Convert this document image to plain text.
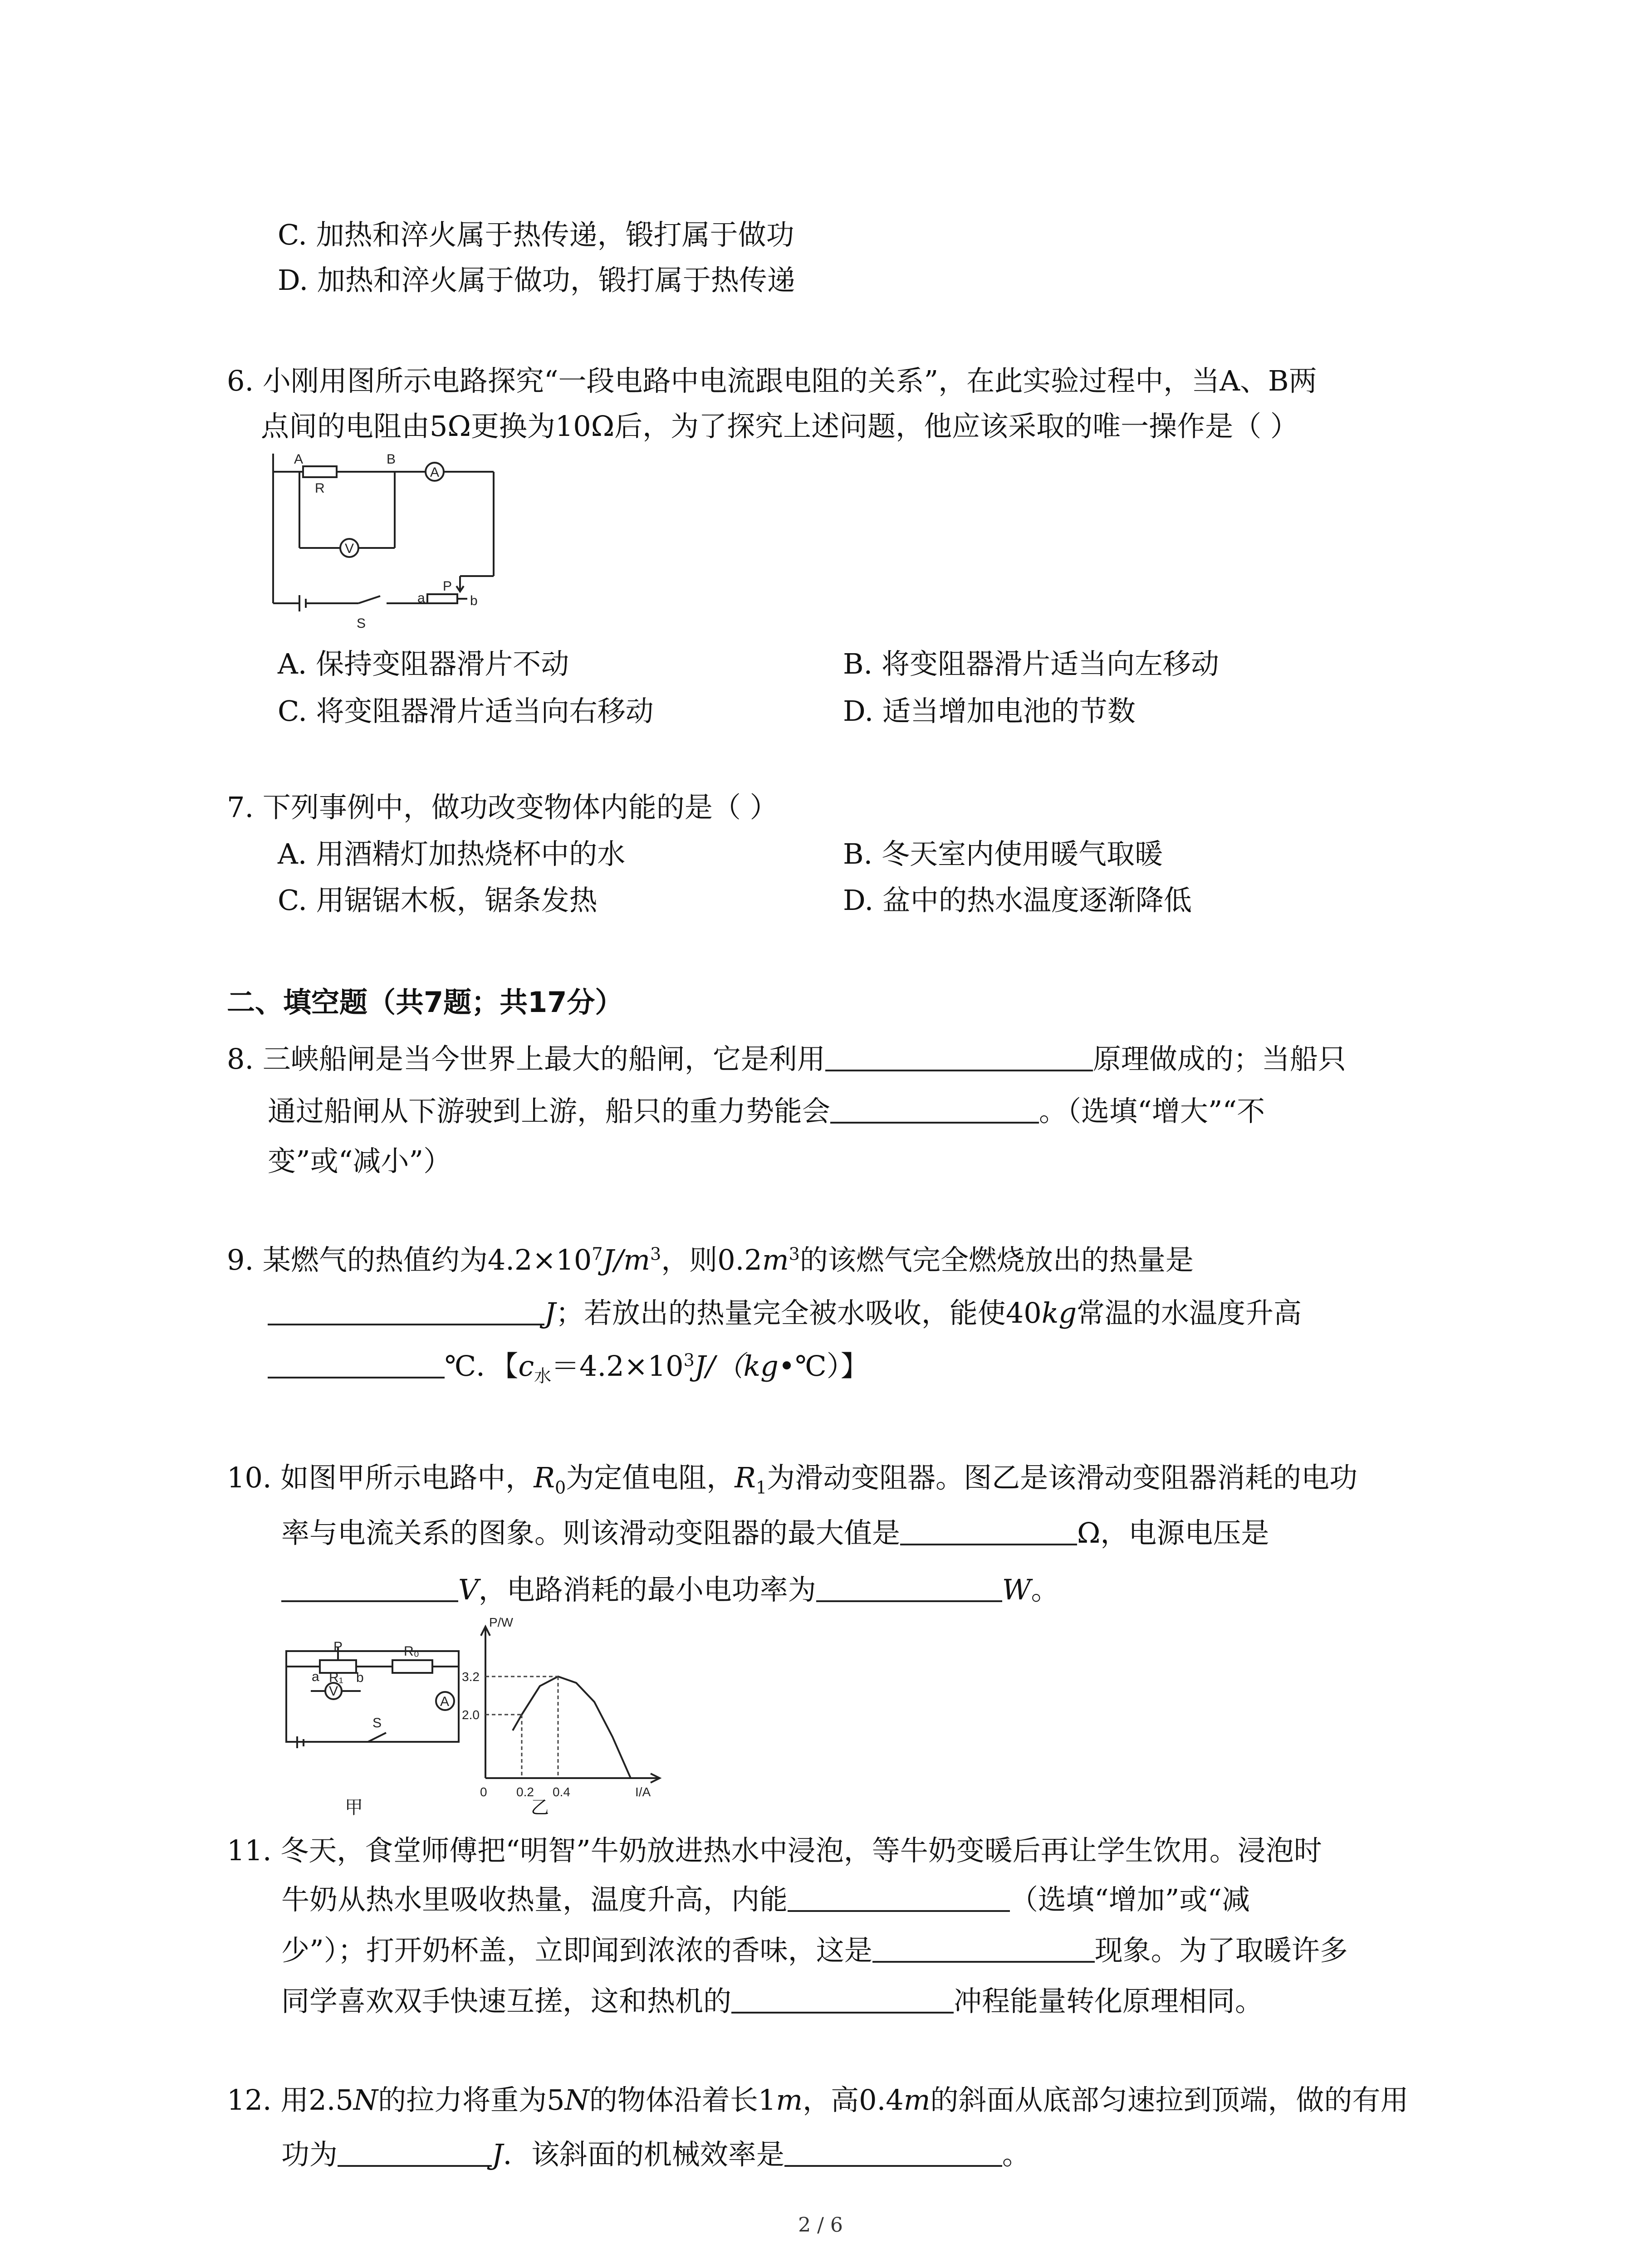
C. 加热和淬火属于热传递，锻打属于做功
D. 加热和淬火属于做功，锻打属于热传递
6. 小刚用图所示电路探究“一段电路中电流跟电阻的关系”，在此实验过程中，当A、B两
点间的电阻由5Ω更换为10Ω后，为了探究上述问题，他应该采取的唯一操作是（ ）
A	B
R
A
V
P
a	b
S
A. 保持变阻器滑片不动	B. 将变阻器滑片适当向左移动
C. 将变阻器滑片适当向右移动	D. 适当增加电池的节数
7. 下列事例中，做功改变物体内能的是（ ）
A. 用酒精灯加热烧杯中的水	B. 冬天室内使用暖气取暖
C. 用锯锯木板，锯条发热	D. 盆中的热水温度逐渐降低
二、填空题（共7题；共17分）
8. 三峡船闸是当今世界上最大的船闸，它是利用	原理做成的；当船只
通过船闸从下游驶到上游，船只的重力势能会	。（选填“增大”“不
变”或“减小”）
9. 某燃气的热值约为$4.2\times 10^7J/m^3$，则$0.2m^3$的该燃气完全燃烧放出的热量是
J；若放出的热量完全被水吸收，能使40kg常温的水温度升高
℃．【$c_水=4.2\times 10^3J/(kg•℃)$】
10. 如图甲所示电路中，$R_0$为定值电阻，$R_1$为滑动变阻器。图乙是该滑动变阻器消耗的电功
率与电流关系的图象。则该滑动变阻器的最大值是	Ω，电源电压是
V，电路消耗的最小电功率为	W。
P	R₀
R₁
a	b
V
A
S
甲
0 0.2 0.4
2.0
3.2
P/W
I/A
乙
11. 冬天，食堂师傅把“明智”牛奶放进热水中浸泡，等牛奶变暖后再让学生饮用。浸泡时
牛奶从热水里吸收热量，温度升高，内能	（选填“增加”或“减
少”）；打开奶杯盖，立即闻到浓浓的香味，这是	现象。为了取暖许多
同学喜欢双手快速互搓，这和热机的	冲程能量转化原理相同。
12. 用2.5N的拉力将重为5N的物体沿着长1m，高0.4m的斜面从底部匀速拉到顶端，做的有用
功为	J．该斜面的机械效率是	。
2 / 6
